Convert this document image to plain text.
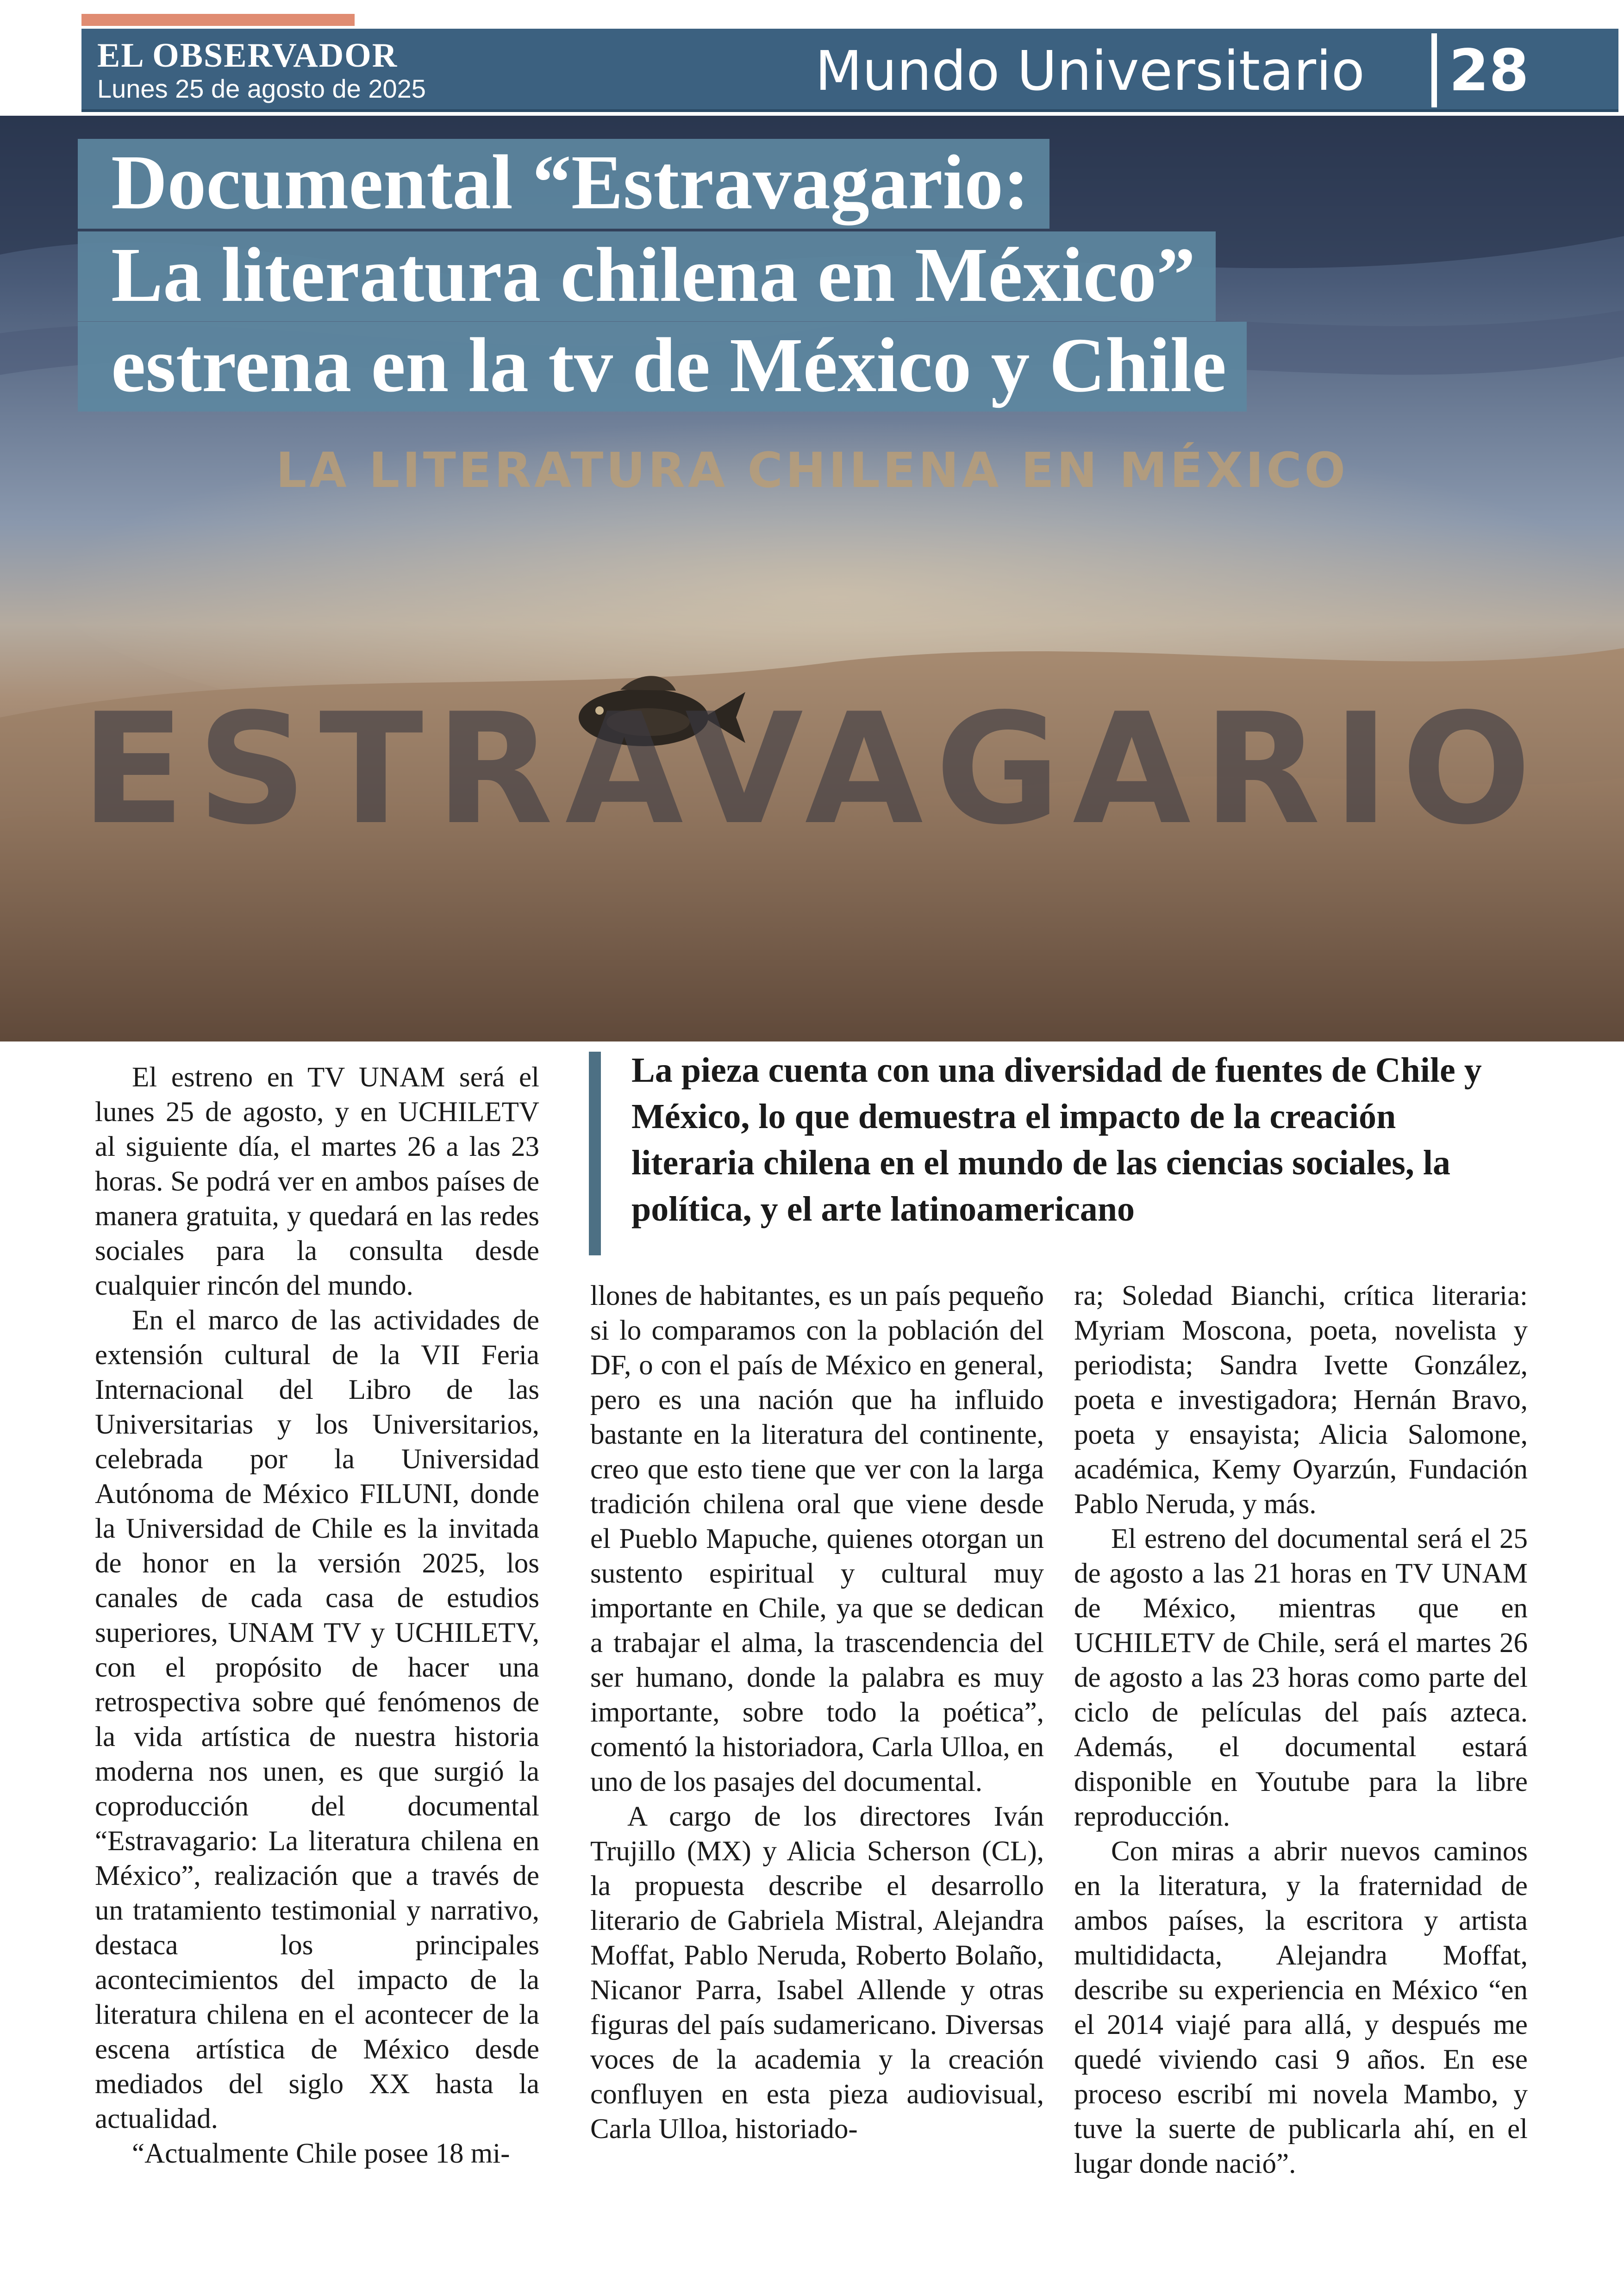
EL OBSERVADOR
Lunes 25 de agosto de 2025	Mundo Universitario 28
LA LITERATURA CHILENA EN MÉXICO
ESTRAVAGARIO
Documental “Estravagario:
La literatura chilena en México”
estrena en la tv de México y Chile

El estreno en TV UNAM será el lunes 25 de agosto, y en UCHILETV al siguiente día, el martes 26 a las 23 horas. Se podrá ver en ambos países de manera gratuita, y quedará en las redes sociales para la consulta desde cualquier rincón del mundo.

En el marco de las actividades de extensión cultural de la VII Feria Internacional del Libro de las Universitarias y los Universitarios, celebrada por la Universidad Autónoma de México FILUNI, donde la Universidad de Chile es la invitada de honor en la versión 2025, los canales de cada casa de estudios superiores, UNAM TV y UCHILETV, con el propósito de hacer una retrospectiva sobre qué fenómenos de la vida artística de nuestra historia moderna nos unen, es que surgió la coproducción del documental “Estravagario: La literatura chilena en México”, realización que a través de un tratamiento testimonial y narrativo, destaca los principales acontecimientos del impacto de la literatura chilena en el acontecer de la escena artística de México desde mediados del siglo XX hasta la actualidad.

“Actualmente Chile posee 18 mi-

La pieza cuenta con una diversidad de fuentes de Chile y México, lo que demuestra el impacto de la creación literaria chilena en el mundo de las ciencias sociales, la política, y el arte latinoamericano

llones de habitantes, es un país pequeño si lo comparamos con la población del DF, o con el país de México en general, pero es una nación que ha influido bastante en la literatura del continente, creo que esto tiene que ver con la larga tradición chilena oral que viene desde el Pueblo Mapuche, quienes otorgan un sustento espiritual y cultural muy importante en Chile, ya que se dedican a trabajar el alma, la trascendencia del ser humano, donde la palabra es muy importante, sobre todo la poética”, comentó la historiadora, Carla Ulloa, en uno de los pasajes del documental.

A cargo de los directores Iván Trujillo (MX) y Alicia Scherson (CL), la propuesta describe el desarrollo literario de Gabriela Mistral, Alejandra Moffat, Pablo Neruda, Roberto Bolaño, Nicanor Parra, Isabel Allende y otras figuras del país sudamericano. Diversas voces de la academia y la creación confluyen en esta pieza audiovisual, Carla Ulloa, historiado-

ra; Soledad Bianchi, crítica literaria: Myriam Moscona, poeta, novelista y periodista; Sandra Ivette González, poeta e investigadora; Hernán Bravo, poeta y ensayista; Alicia Salomone, académica, Kemy Oyarzún, Fundación Pablo Neruda, y más.

El estreno del documental será el 25 de agosto a las 21 horas en TV UNAM de México, mientras que en UCHILETV de Chile, será el martes 26 de agosto a las 23 horas como parte del ciclo de películas del país azteca. Además, el documental estará disponible en Youtube para la libre reproducción.

Con miras a abrir nuevos caminos en la literatura, y la fraternidad de ambos países, la escritora y artista multididacta, Alejandra Moffat, describe su experiencia en México “en el 2014 viajé para allá, y después me quedé viviendo casi 9 años. En ese proceso escribí mi novela Mambo, y tuve la suerte de publicarla ahí, en el lugar donde nació”.
